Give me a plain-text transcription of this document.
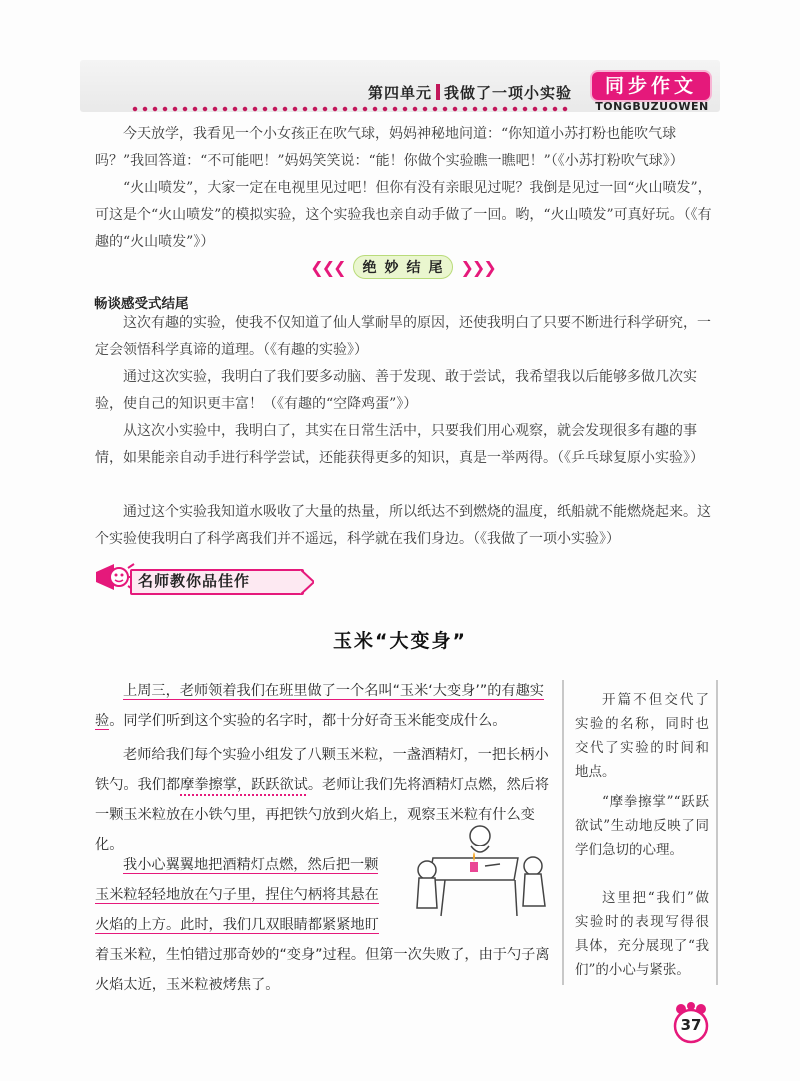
第四单元 我做了一项小实验	同步作文
TONGBUZUOWEN
今天放学，我看见一个小女孩正在吹气球，妈妈神秘地问道：“你知道小苏打粉也能吹气球吗？”我回答道：“不可能吧！”妈妈笑笑说：“能！你做个实验瞧一瞧吧！”（《小苏打粉吹气球》）
“火山喷发”，大家一定在电视里见过吧！但你有没有亲眼见过呢？我倒是见过一回“火山喷发”，可这是个“火山喷发”的模拟实验，这个实验我也亲自动手做了一回。哟，“火山喷发”可真好玩。（《有趣的“火山喷发”》）
❮❮❮	绝妙结尾 ❯❯❯
畅谈感受式结尾
这次有趣的实验，使我不仅知道了仙人掌耐旱的原因，还使我明白了只要不断进行科学研究，一定会领悟科学真谛的道理。（《有趣的实验》）
通过这次实验，我明白了我们要多动脑、善于发现、敢于尝试，我希望我以后能够多做几次实验，使自己的知识更丰富！（《有趣的“空降鸡蛋”》）
从这次小实验中，我明白了，其实在日常生活中，只要我们用心观察，就会发现很多有趣的事情，如果能亲自动手进行科学尝试，还能获得更多的知识，真是一举两得。（《乒乓球复原小实验》）
通过这个实验我知道水吸收了大量的热量，所以纸达不到燃烧的温度，纸船就不能燃烧起来。这个实验使我明白了科学离我们并不遥远，科学就在我们身边。（《我做了一项小实验》）
名师教你品佳作
玉米“大变身”
上周三，老师领着我们在班里做了一个名叫“玉米‘大变身’”的有趣实验。同学们听到这个实验的名字时，都十分好奇玉米能变成什么。
老师给我们每个实验小组发了八颗玉米粒，一盏酒精灯，一把长柄小铁勺。我们都摩拳擦掌，跃跃欲试。老师让我们先将酒精灯点燃，然后将一颗玉米粒放在小铁勺里，再把铁勺放到火焰上，观察玉米粒有什么变化。
我小心翼翼地把酒精灯点燃，然后把一颗
玉米粒轻轻地放在勺子里，捏住勺柄将其悬在
火焰的上方。此时，我们几双眼睛都紧紧地盯
着玉米粒，生怕错过那奇妙的“变身”过程。但第一次失败了，由于勺子离火焰太近，玉米粒被烤焦了。
开篇不但交代了实验的名称，同时也交代了实验的时间和地点。
“摩拳擦掌”“跃跃欲试”生动地反映了同学们急切的心理。
这里把“我们”做实验时的表现写得很具体，充分展现了“我们”的小心与紧张。
37
